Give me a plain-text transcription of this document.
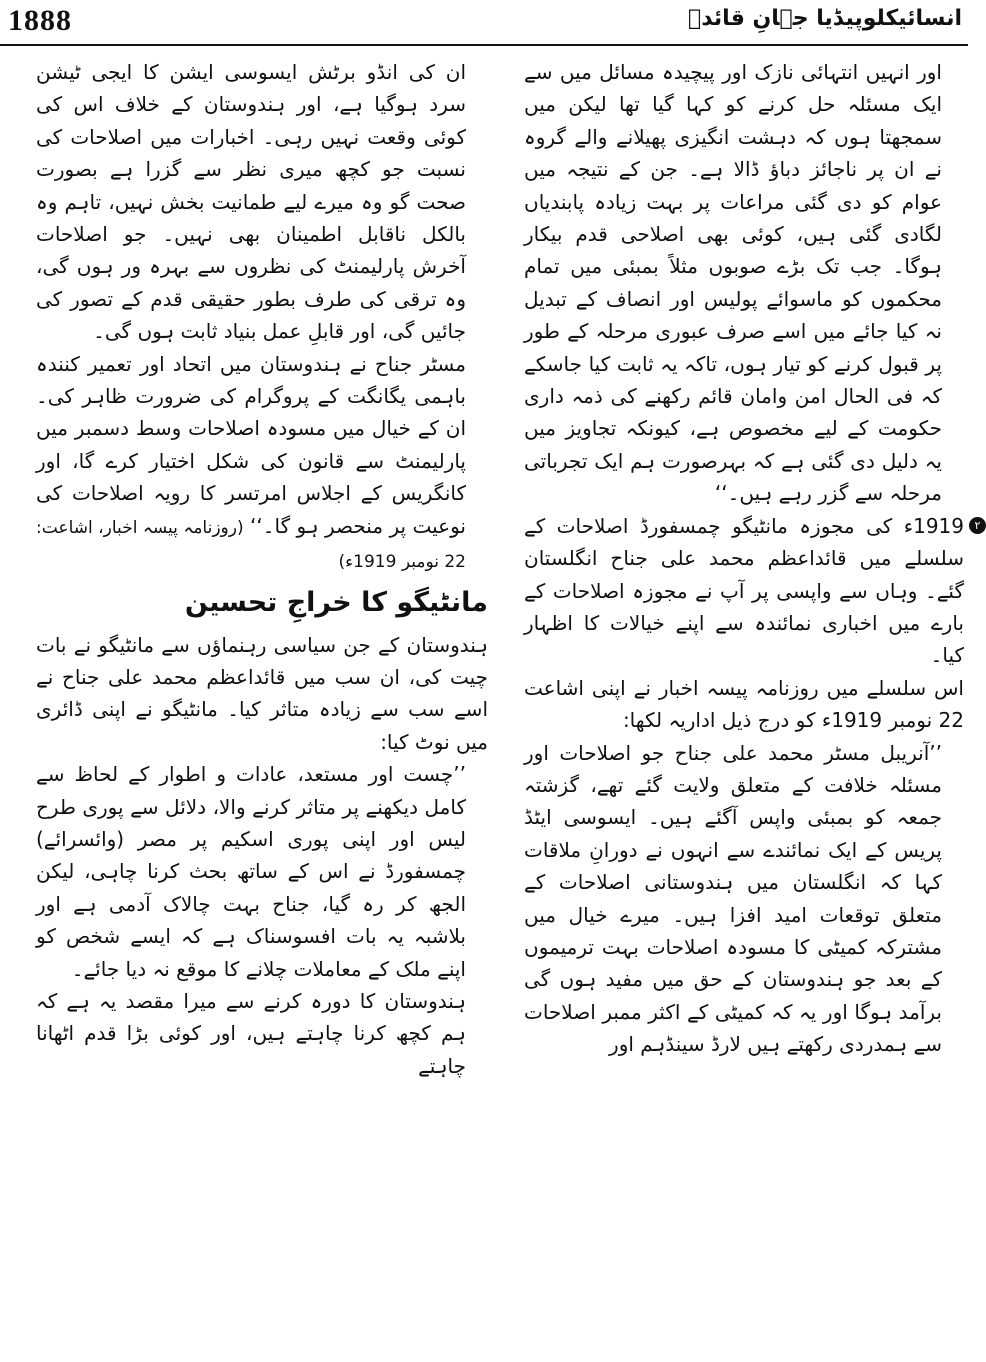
1888	انسائیکلوپیڈیا جہانِ قائدؒ

اور انہیں انتہائی نازک اور پیچیدہ مسائل میں سے ایک مسئلہ حل کرنے کو کہا گیا تھا لیکن میں سمجھتا ہوں کہ دہشت انگیزی پھیلانے والے گروہ نے ان پر ناجائز دباؤ ڈالا ہے۔ جن کے نتیجہ میں عوام کو دی گئی مراعات پر بہت زیادہ پابندیاں لگادی گئی ہیں، کوئی بھی اصلاحی قدم بیکار ہوگا۔ جب تک بڑے صوبوں مثلاً بمبئی میں تمام محکموں کو ماسوائے پولیس اور انصاف کے تبدیل نہ کیا جائے میں اسے صرف عبوری مرحلہ کے طور پر قبول کرنے کو تیار ہوں، تاکہ یہ ثابت کیا جاسکے کہ فی الحال امن وامان قائم رکھنے کی ذمہ داری حکومت کے لیے مخصوص ہے، کیونکہ تجاویز میں یہ دلیل دی گئی ہے کہ بہرصورت ہم ایک تجرباتی مرحلہ سے گزر رہے ہیں۔‘‘

۲

1919ء کی مجوزہ مانٹیگو چمسفورڈ اصلاحات کے سلسلے میں قائداعظم محمد علی جناح انگلستان گئے۔ وہاں سے واپسی پر آپ نے مجوزہ اصلاحات کے بارے میں اخباری نمائندہ سے اپنے خیالات کا اظہار کیا۔

اس سلسلے میں روزنامہ پیسہ اخبار نے اپنی اشاعت 22 نومبر 1919ء کو درج ذیل اداریہ لکھا:

’’آنریبل مسٹر محمد علی جناح جو اصلاحات اور مسئلہ خلافت کے متعلق ولایت گئے تھے، گزشتہ جمعہ کو بمبئی واپس آگئے ہیں۔ ایسوسی ایٹڈ پریس کے ایک نمائندے سے انہوں نے دورانِ ملاقات کہا کہ انگلستان میں ہندوستانی اصلاحات کے متعلق توقعات امید افزا ہیں۔ میرے خیال میں مشترکہ کمیٹی کا مسودہ اصلاحات بہت ترمیموں کے بعد جو ہندوستان کے حق میں مفید ہوں گی برآمد ہوگا اور یہ کہ کمیٹی کے اکثر ممبر اصلاحات سے ہمدردی رکھتے ہیں لارڈ سینڈہم اور

ان کی انڈو برٹش ایسوسی ایشن کا ایجی ٹیشن سرد ہوگیا ہے، اور ہندوستان کے خلاف اس کی کوئی وقعت نہیں رہی۔ اخبارات میں اصلاحات کی نسبت جو کچھ میری نظر سے گزرا ہے بصورت صحت گو وہ میرے لیے طمانیت بخش نہیں، تاہم وہ بالکل ناقابل اطمینان بھی نہیں۔ جو اصلاحات آخرش پارلیمنٹ کی نظروں سے بہرہ ور ہوں گی، وہ ترقی کی طرف بطور حقیقی قدم کے تصور کی جائیں گی، اور قابلِ عمل بنیاد ثابت ہوں گی۔

مسٹر جناح نے ہندوستان میں اتحاد اور تعمیر کنندہ باہمی یگانگت کے پروگرام کی ضرورت ظاہر کی۔ ان کے خیال میں مسودہ اصلاحات وسط دسمبر میں پارلیمنٹ سے قانون کی شکل اختیار کرے گا، اور کانگریس کے اجلاس امرتسر کا رویہ اصلاحات کی نوعیت پر منحصر ہو گا۔‘‘ (روزنامہ پیسہ اخبار، اشاعت: 22 نومبر 1919ء)

مانٹیگو کا خراجِ تحسین

ہندوستان کے جن سیاسی رہنماؤں سے مانٹیگو نے بات چیت کی، ان سب میں قائداعظم محمد علی جناح نے اسے سب سے زیادہ متاثر کیا۔ مانٹیگو نے اپنی ڈائری میں نوٹ کیا:

’’چست اور مستعد، عادات و اطوار کے لحاظ سے کامل دیکھنے پر متاثر کرنے والا، دلائل سے پوری طرح لیس اور اپنی پوری اسکیم پر مصر (وائسرائے) چمسفورڈ نے اس کے ساتھ بحث کرنا چاہی، لیکن الجھ کر رہ گیا، جناح بہت چالاک آدمی ہے اور بلاشبہ یہ بات افسوسناک ہے کہ ایسے شخص کو اپنے ملک کے معاملات چلانے کا موقع نہ دیا جائے۔

ہندوستان کا دورہ کرنے سے میرا مقصد یہ ہے کہ ہم کچھ کرنا چاہتے ہیں، اور کوئی بڑا قدم اٹھانا چاہتے
